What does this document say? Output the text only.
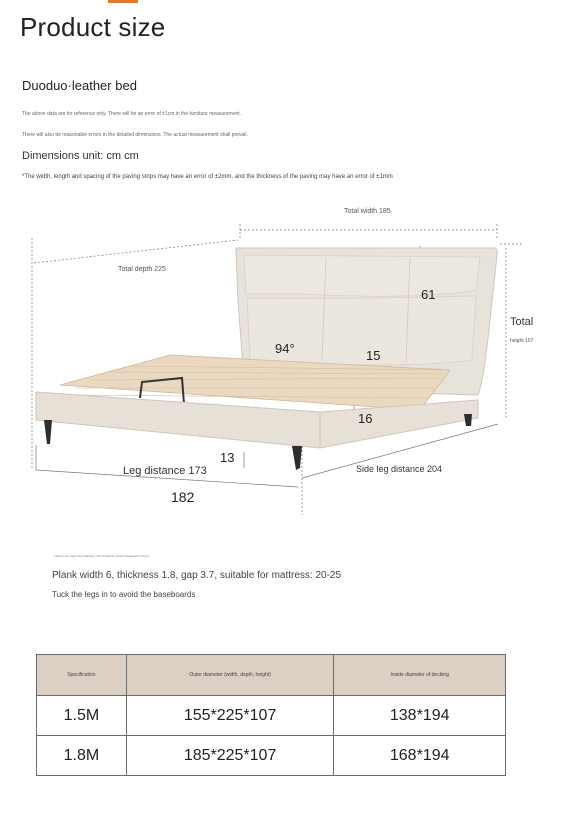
Product size
Duoduo·leather bed
The above data are for reference only. There will be an error of ±1cm in the furniture measurement.
There will also be reasonable errors in the detailed dimensions. The actual measurement shall prevail.
Dimensions unit: cm cm
*The width, length and spacing of the paving strips may have an error of ±2mm, and the thickness of the paving may have an error of ±1mm
Total width 185
Total depth 225
61
Total
height 107
94°	15
16
13
Leg distance 173	Side leg distance 204
182
There is no sag in the planking. The thickness of the baseboard is 8mm.
Plank width 6, thickness 1.8, gap 3.7, suitable for mattress: 20-25
Tuck the legs in to avoid the baseboards
Specification	Outer diameter (width, depth, height)	Inside diameter of decking
1.5M	155*225*107	138*194
1.8M	185*225*107	168*194
